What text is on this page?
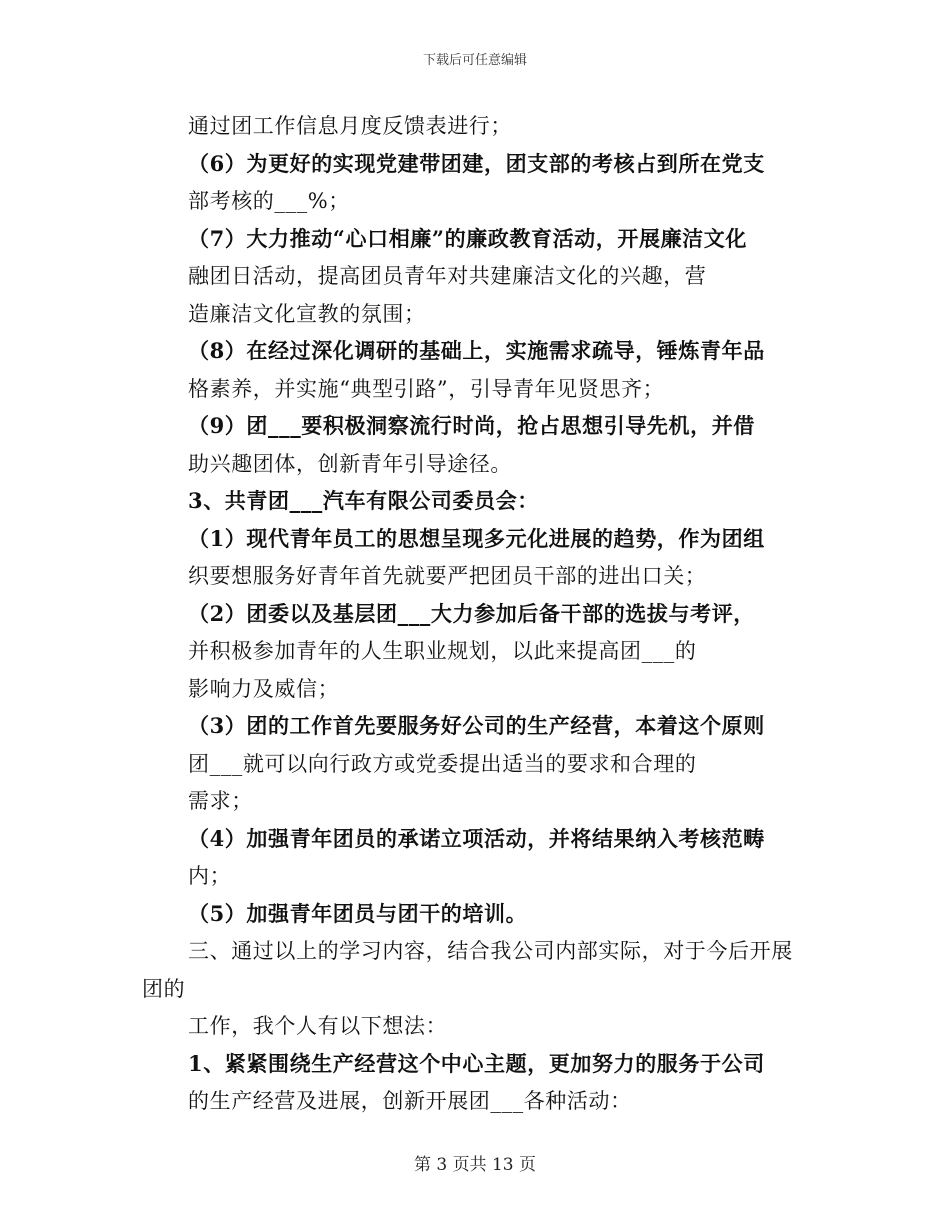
下载后可任意编辑
通过团工作信息月度反馈表进行；
（6）为更好的实现党建带团建，团支部的考核占到所在党支
部考核的___%；
（7）大力推动“心口相廉”的廉政教育活动，开展廉洁文化
融团日活动，提高团员青年对共建廉洁文化的兴趣，营
造廉洁文化宣教的氛围；
（8）在经过深化调研的基础上，实施需求疏导，锤炼青年品
格素养，并实施“典型引路”，引导青年见贤思齐；
（9）团___要积极洞察流行时尚，抢占思想引导先机，并借
助兴趣团体，创新青年引导途径。
3、共青团___汽车有限公司委员会：
（1）现代青年员工的思想呈现多元化进展的趋势，作为团组
织要想服务好青年首先就要严把团员干部的进出口关；
（2）团委以及基层团___大力参加后备干部的选拔与考评，
并积极参加青年的人生职业规划，以此来提高团___的
影响力及威信；
（3）团的工作首先要服务好公司的生产经营，本着这个原则
团___就可以向行政方或党委提出适当的要求和合理的
需求；
（4）加强青年团员的承诺立项活动，并将结果纳入考核范畴
内；
（5）加强青年团员与团干的培训。
三、通过以上的学习内容，结合我公司内部实际，对于今后开展
团的
工作，我个人有以下想法：
1、紧紧围绕生产经营这个中心主题，更加努力的服务于公司
的生产经营及进展，创新开展团___各种活动：
第 3 页共 13 页
